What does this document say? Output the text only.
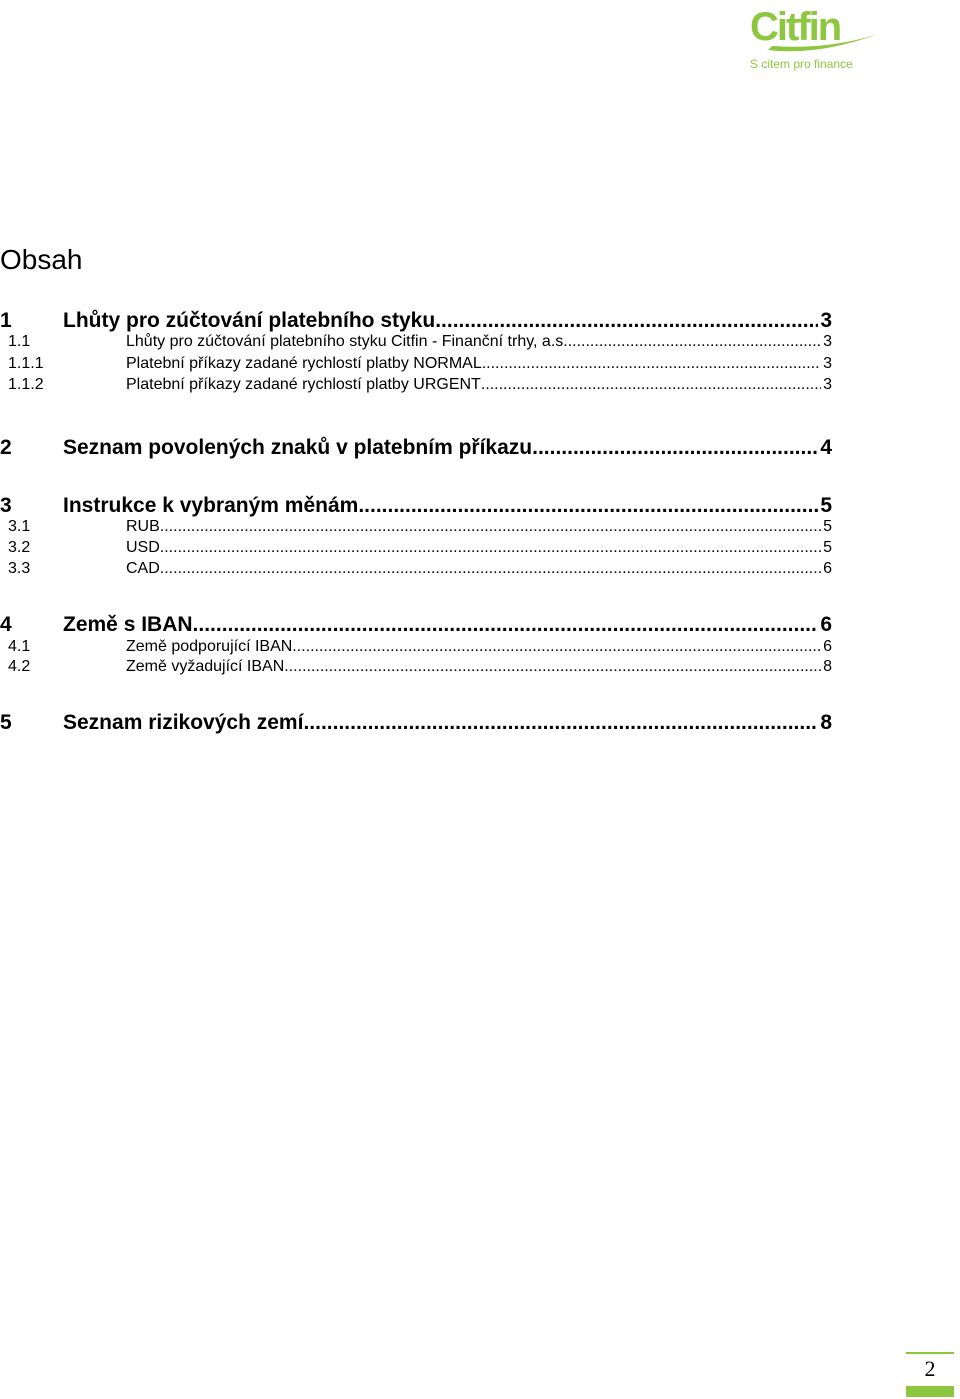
Citfin
S citem pro finance
Obsah
1	Lhůty pro zúčtování platebního styku .....	3
1.1	Lhůty pro zúčtování platebního styku Citfin - Finanční trhy, a.s. .....	3
1.1.1	Platební příkazy zadané rychlostí platby NORMAL .....	3
1.1.2	Platební příkazy zadané rychlostí platby URGENT .....	3
2	Seznam povolených znaků v platebním příkazu .....	4
3	Instrukce k vybraným měnám .....	5
3.1	RUB .....	5
3.2	USD .....	5
3.3	CAD .....	6
4	Země s IBAN .....	6
4.1	Země podporující IBAN .....	6
4.2	Země vyžadující IBAN .....	8
5	Seznam rizikových zemí .....	8
2
